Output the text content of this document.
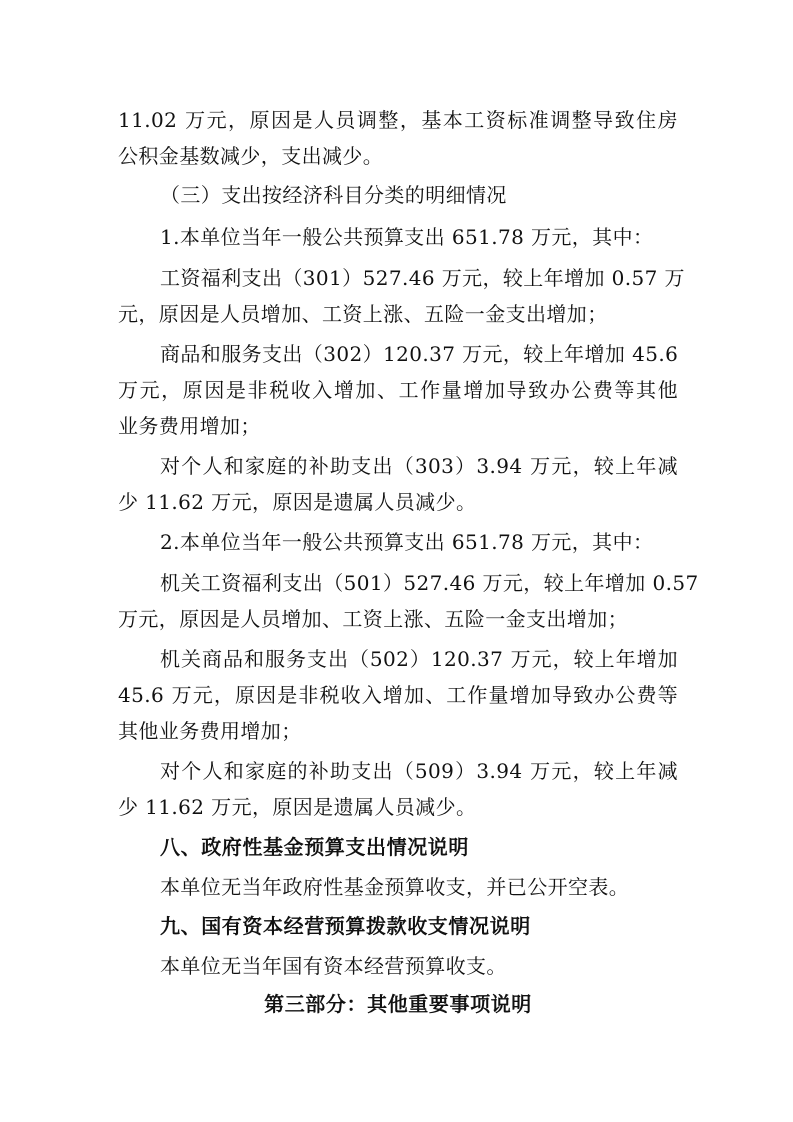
11.02 万元，原因是人员调整，基本工资标准调整导致住房
公积金基数减少，支出减少。
（三）支出按经济科目分类的明细情况
1.本单位当年一般公共预算支出 651.78 万元，其中：
工资福利支出（301）527.46 万元，较上年增加 0.57 万
元，原因是人员增加、工资上涨、五险一金支出增加；
商品和服务支出（302）120.37 万元，较上年增加 45.6
万元，原因是非税收入增加、工作量增加导致办公费等其他
业务费用增加；
对个人和家庭的补助支出（303）3.94 万元，较上年减
少 11.62 万元，原因是遗属人员减少。
2.本单位当年一般公共预算支出 651.78 万元，其中：
机关工资福利支出（501）527.46 万元，较上年增加 0.57
万元，原因是人员增加、工资上涨、五险一金支出增加；
机关商品和服务支出（502）120.37 万元，较上年增加
45.6 万元，原因是非税收入增加、工作量增加导致办公费等
其他业务费用增加；
对个人和家庭的补助支出（509）3.94 万元，较上年减
少 11.62 万元，原因是遗属人员减少。
八、政府性基金预算支出情况说明
本单位无当年政府性基金预算收支，并已公开空表。
九、国有资本经营预算拨款收支情况说明
本单位无当年国有资本经营预算收支。
第三部分：其他重要事项说明
